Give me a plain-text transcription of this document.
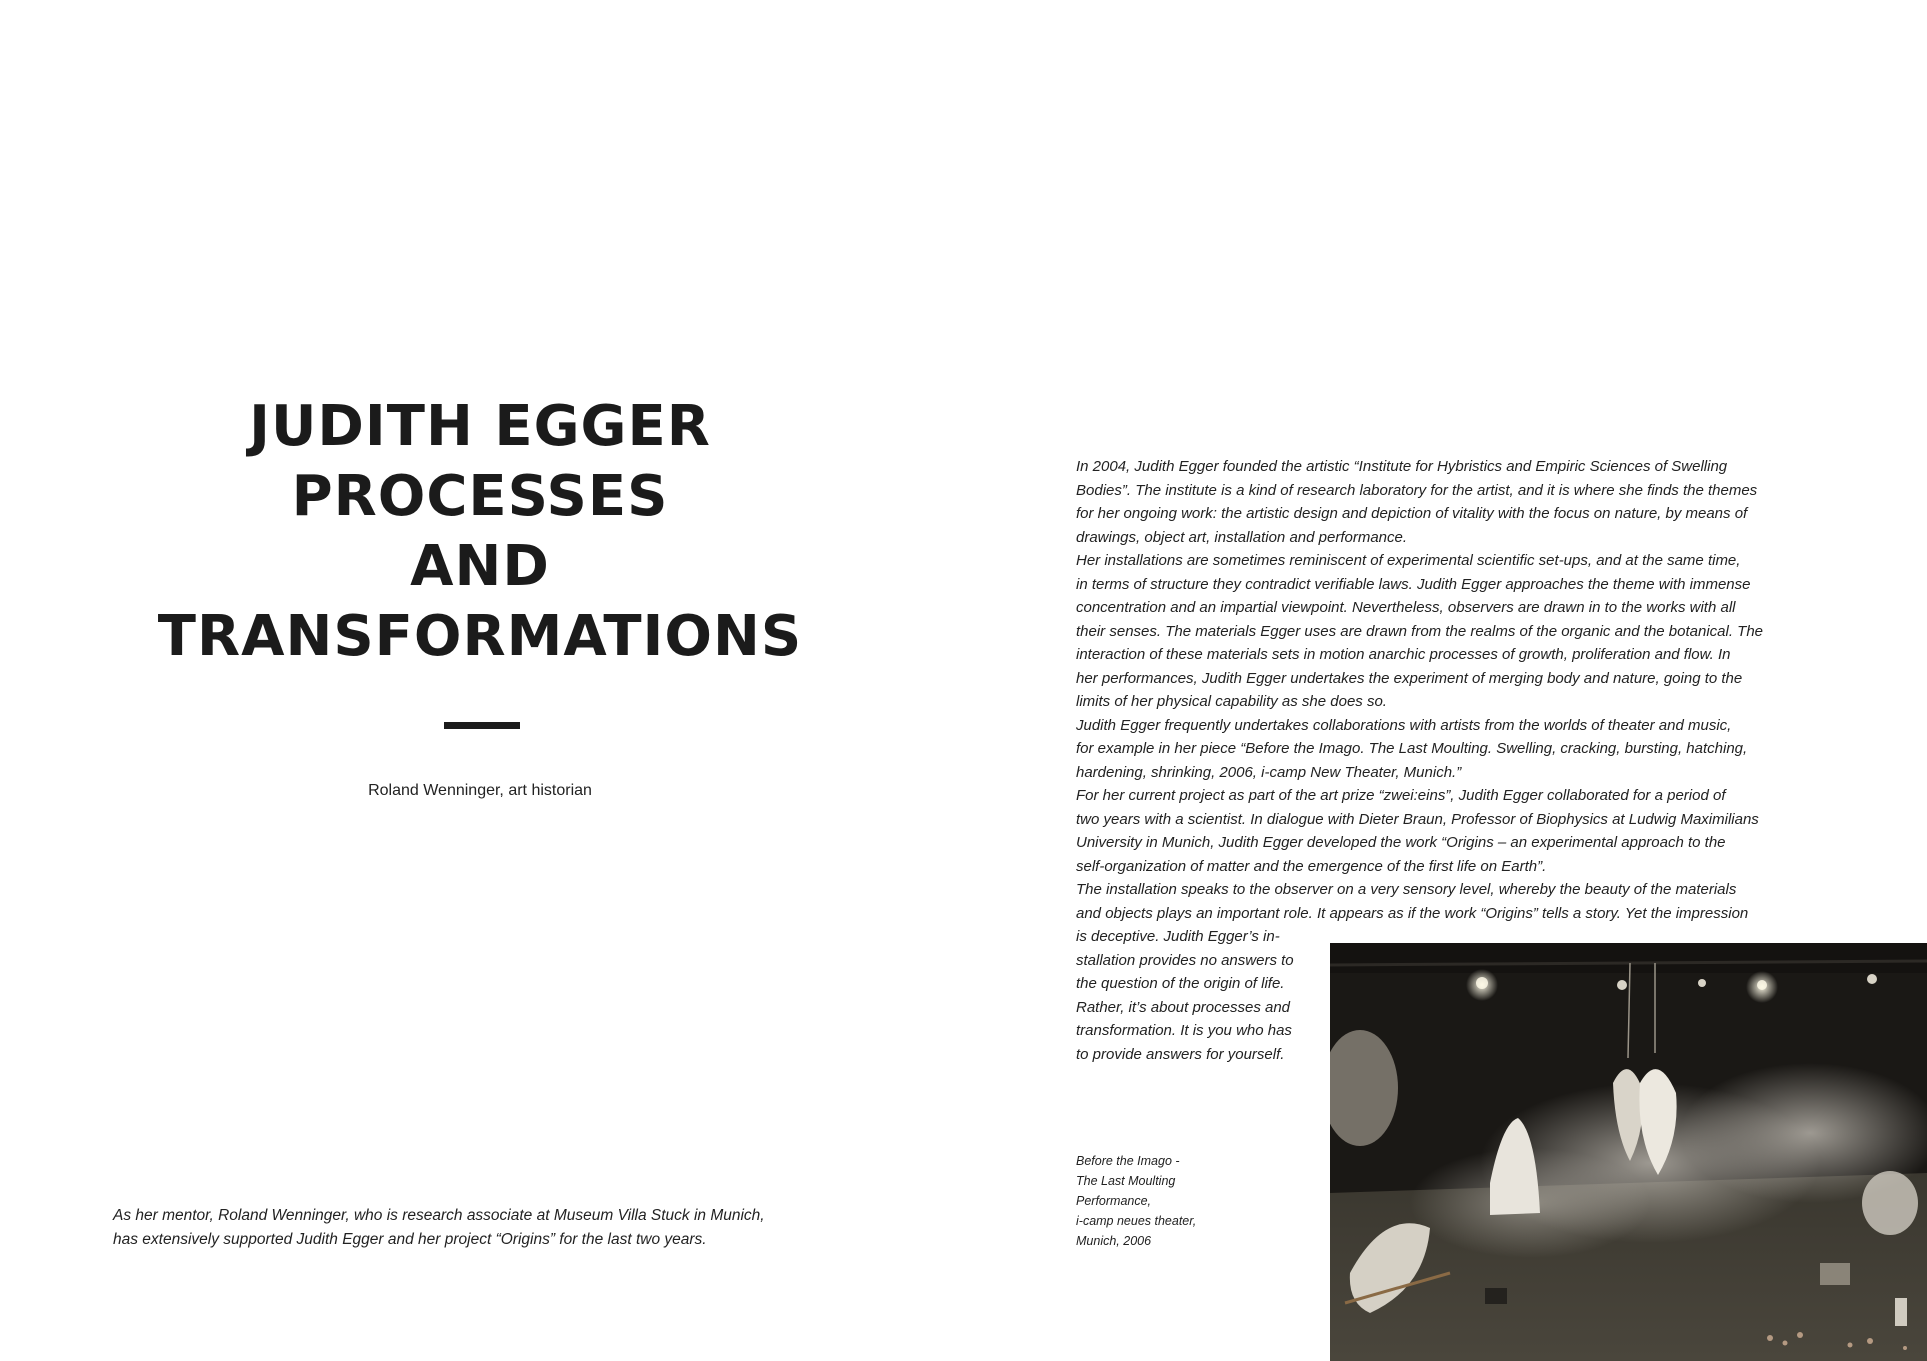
JUDITH EGGER
PROCESSES
AND
TRANSFORMATIONS
Roland Wenninger, art historian
As her mentor, Roland Wenninger, who is research associate at Museum Villa Stuck in Munich,
has extensively supported Judith Egger and her project “Origins” for the last two years.
In 2004, Judith Egger founded the artistic “Institute for Hybristics and Empiric Sciences of Swelling
Bodies”. The institute is a kind of research laboratory for the artist, and it is where she finds the themes
for her ongoing work: the artistic design and depiction of vitality with the focus on nature, by means of
drawings, object art, installation and performance.
Her installations are sometimes reminiscent of experimental scientific set-ups, and at the same time,
in terms of structure they contradict verifiable laws. Judith Egger approaches the theme with immense
concentration and an impartial viewpoint. Nevertheless, observers are drawn in to the works with all
their senses. The materials Egger uses are drawn from the realms of the organic and the botanical. The
interaction of these materials sets in motion anarchic processes of growth, proliferation and flow. In
her performances, Judith Egger undertakes the experiment of merging body and nature, going to the
limits of her physical capability as she does so.
Judith Egger frequently undertakes collaborations with artists from the worlds of theater and music,
for example in her piece “Before the Imago. The Last Moulting. Swelling, cracking, bursting, hatching,
hardening, shrinking, 2006, i-camp New Theater, Munich.”
For her current project as part of the art prize “zwei:eins”, Judith Egger collaborated for a period of
two years with a scientist. In dialogue with Dieter Braun, Professor of Biophysics at Ludwig Maximilians
University in Munich, Judith Egger developed the work “Origins – an experimental approach to the
self-organization of matter and the emergence of the first life on Earth”.
The installation speaks to the observer on a very sensory level, whereby the beauty of the materials
and objects plays an important role. It appears as if the work “Origins” tells a story. Yet the impression
is deceptive. Judith Egger’s in-
stallation provides no answers to
the question of the origin of life.
Rather, it’s about processes and
transformation. It is you who has
to provide answers for yourself.
Before the Imago -
The Last Moulting
Performance,
i-camp neues theater,
Munich, 2006
